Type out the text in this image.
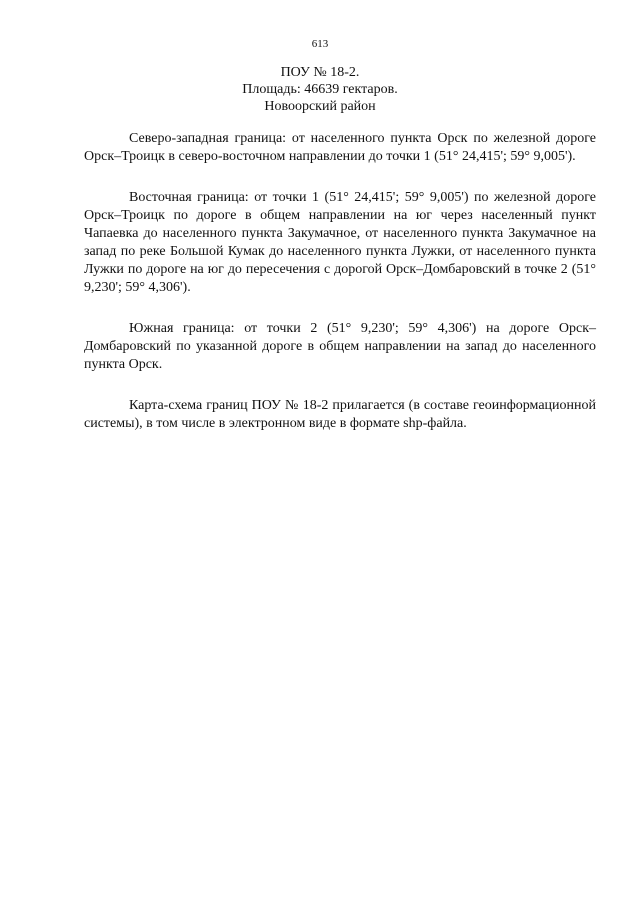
613
ПОУ № 18-2.
Площадь: 46639 гектаров.
Новоорский район

Северо-западная граница: от населенного пункта Орск по железной дороге Орск–Троицк в северо-восточном направлении до точки 1 (51° 24,415'; 59° 9,005').

Восточная граница: от точки 1 (51° 24,415'; 59° 9,005') по железной дороге Орск–Троицк по дороге в общем направлении на юг через населенный пункт Чапаевка до населенного пункта Закумачное, от населенного пункта Закумачное на запад по реке Большой Кумак до населенного пункта Лужки, от населенного пункта Лужки по дороге на юг до пересечения с дорогой Орск–Домбаровский в точке 2 (51° 9,230'; 59° 4,306').

Южная граница: от точки 2 (51° 9,230'; 59° 4,306') на дороге Орск–Домбаровский по указанной дороге в общем направлении на запад до населенного пункта Орск.

Карта-схема границ ПОУ № 18-2 прилагается (в составе геоинформационной системы), в том числе в электронном виде в формате shp-файла.
